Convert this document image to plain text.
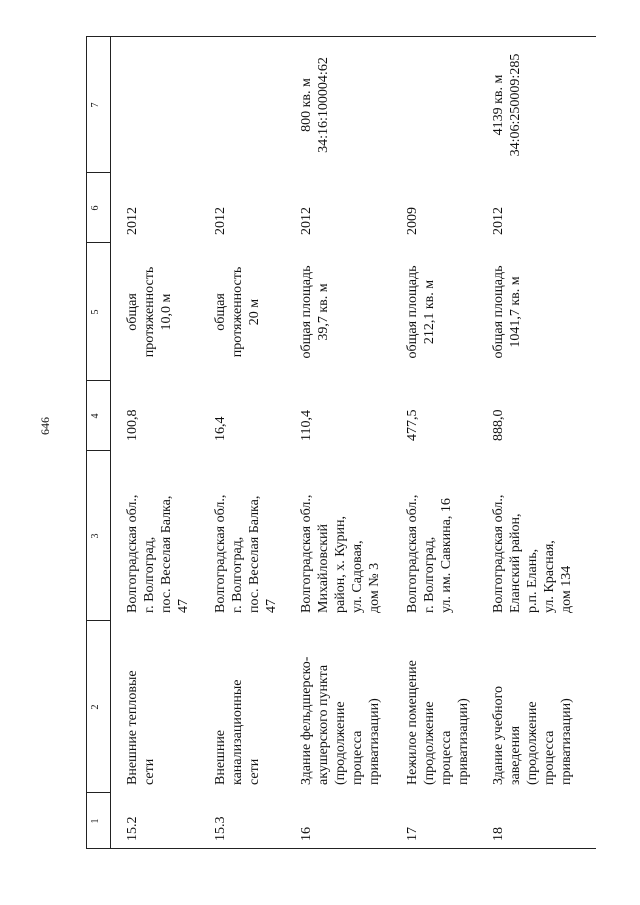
646
1
2
3
4
5
6
7
15.2
Внешние тепловые сети
Волгоградская обл., г. Волгоград, пос. Веселая Балка, 47
100,8
общая протяженность 10,0 м
2012
15.3
Внешние канализационные сети
Волгоградская обл., г. Волгоград, пос. Веселая Балка, 47
16,4
общая протяженность 20 м
2012
16
Здание фельдшерско- акушерского пункта (продолжение процесса приватизации)
Волгоградская обл., Михайловский район, х. Курин, ул. Садовая, дом № 3
110,4
общая площадь 39,7 кв. м
2012
800 кв. м 34:16:100004:62
17
Нежилое помещение (продолжение процесса приватизации)
Волгоградская обл., г. Волгоград, ул. им. Савкина, 16
477,5
общая площадь 212,1 кв. м
2009
18
Здание учебного заведения (продолжение процесса приватизации)
Волгоградская обл., Еланский район, р.п. Елань, ул. Красная, дом 134
888,0
общая площадь 1041,7 кв. м
2012
4139 кв. м 34:06:250009:285
